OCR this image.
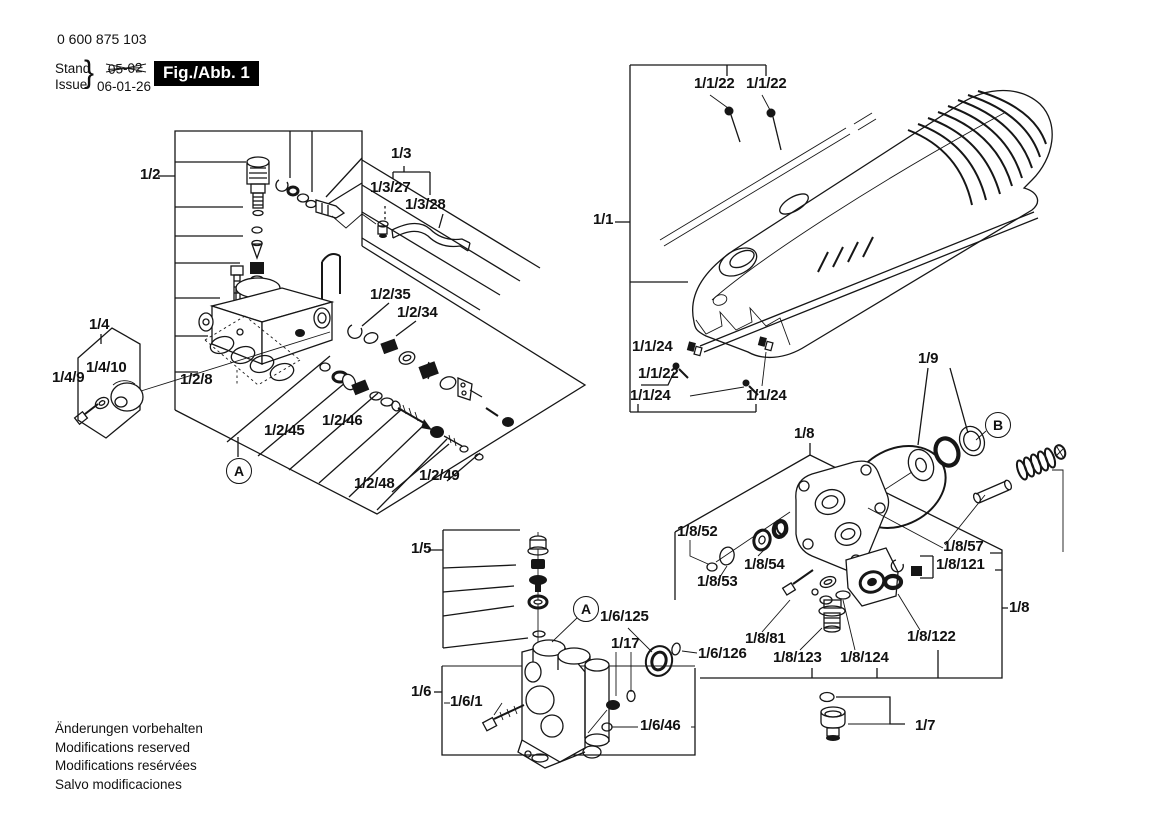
0 600 875 103
Stand
Issue
} 05-02
06-01-26
Fig./Abb. 1
1/2
1/3
1/3/27
1/3/28
1/1/22 1/1/22
1/1
1/1/24
1/1/22
1/1/24	1/1/24
1/4
1/4/10
1/4/9	1/2/8
1/2/35
1/2/34
1/2/45
1/2/46
1/2/48 1/2/49
1/5
1/6/125
1/17
1/6/126
1/6
1/6/1
1/6/46
1/8
1/8/52
1/8/54
1/8/53
1/9
1/8/57
1/8/121
1/8/81	1/8/122
1/8/123 1/8/124
1/8
1/7
A
A
B
Änderungen vorbehalten
Modifications reserved
Modifications resérvées
Salvo modificaciones
